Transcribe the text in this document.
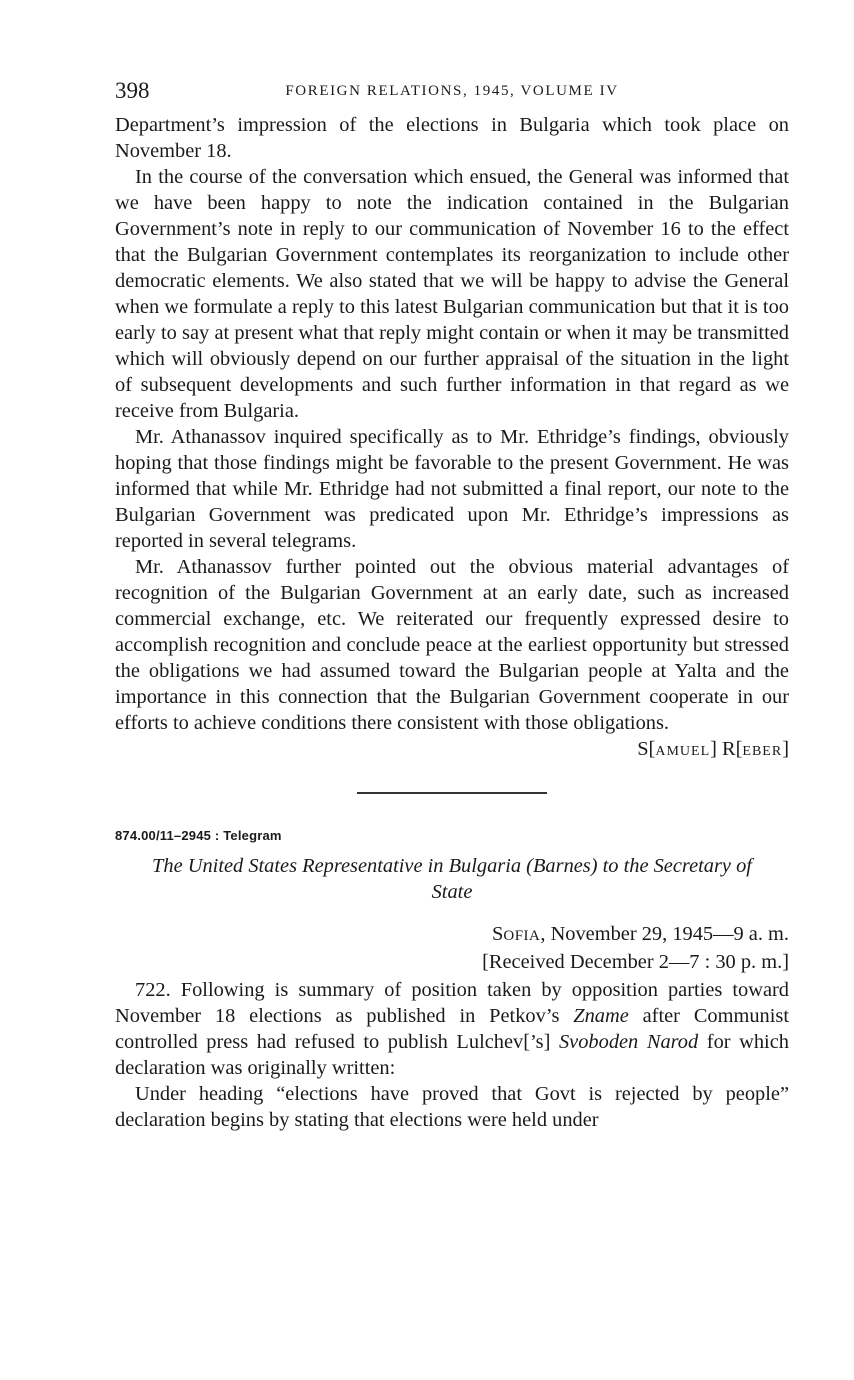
398	FOREIGN RELATIONS, 1945, VOLUME IV

Department’s impression of the elections in Bulgaria which took place on November 18.

In the course of the conversation which ensued, the General was informed that we have been happy to note the indication contained in the Bulgarian Government’s note in reply to our communication of November 16 to the effect that the Bulgarian Government contemplates its reorganization to include other democratic elements. We also stated that we will be happy to advise the General when we formulate a reply to this latest Bulgarian communication but that it is too early to say at present what that reply might contain or when it may be transmitted which will obviously depend on our further appraisal of the situation in the light of subsequent developments and such further information in that regard as we receive from Bulgaria.

Mr. Athanassov inquired specifically as to Mr. Ethridge’s findings, obviously hoping that those findings might be favorable to the present Government. He was informed that while Mr. Ethridge had not submitted a final report, our note to the Bulgarian Government was predicated upon Mr. Ethridge’s impressions as reported in several telegrams.

Mr. Athanassov further pointed out the obvious material advantages of recognition of the Bulgarian Government at an early date, such as increased commercial exchange, etc. We reiterated our frequently expressed desire to accomplish recognition and conclude peace at the earliest opportunity but stressed the obligations we had assumed toward the Bulgarian people at Yalta and the importance in this connection that the Bulgarian Government cooperate in our efforts to achieve conditions there consistent with those obligations.

S[AMUEL] R[EBER]
874.00/11–2945 : Telegram
The United States Representative in Bulgaria (Barnes) to the Secretary of State
SOFIA, November 29, 1945—9 a. m.
[Received December 2—7 : 30 p. m.]

722. Following is summary of position taken by opposition parties toward November 18 elections as published in Petkov’s Zname after Communist controlled press had refused to publish Lulchev[’s] Svoboden Narod for which declaration was originally written:

Under heading “elections have proved that Govt is rejected by people” declaration begins by stating that elections were held under
